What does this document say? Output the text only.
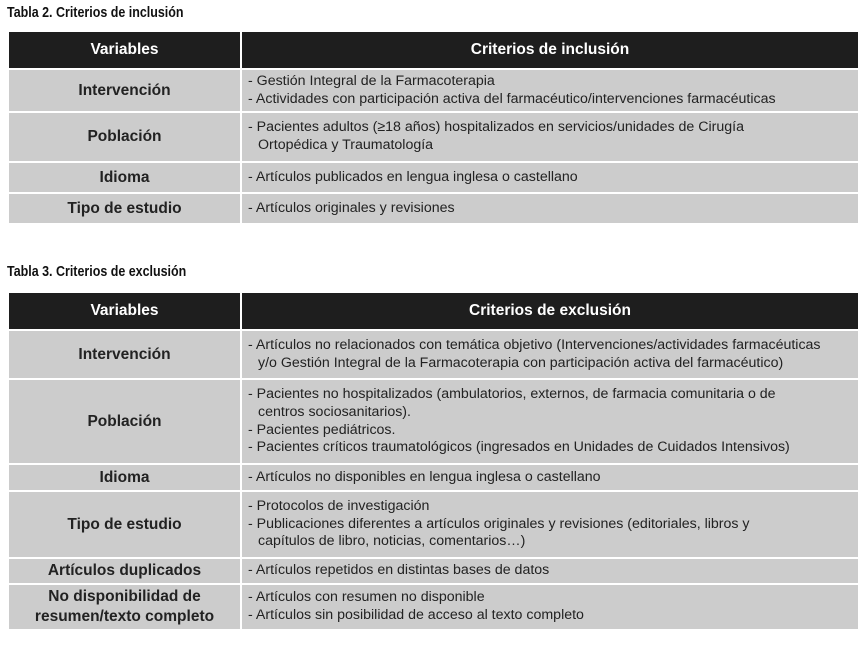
Tabla 2. Criterios de inclusión
Variables	Criterios de inclusión
Intervención	- Gestión Integral de la Farmacoterapia
- Actividades con participación activa del farmacéutico/intervenciones farmacéuticas

Población	- Pacientes adultos (≥18 años) hospitalizados en servicios/unidades de Cirugía
Ortopédica y Traumatología

Idioma	- Artículos publicados en lengua inglesa o castellano

Tipo de estudio	- Artículos originales y revisiones
Tabla 3. Criterios de exclusión
Variables	Criterios de exclusión
Intervención	- Artículos no relacionados con temática objetivo (Intervenciones/actividades farmacéuticas
y/o Gestión Integral de la Farmacoterapia con participación activa del farmacéutico)

Población	- Pacientes no hospitalizados (ambulatorios, externos, de farmacia comunitaria o de
centros sociosanitarios).
- Pacientes pediátricos.
- Pacientes críticos traumatológicos (ingresados en Unidades de Cuidados Intensivos)

Idioma	- Artículos no disponibles en lengua inglesa o castellano

Tipo de estudio	- Protocolos de investigación
- Publicaciones diferentes a artículos originales y revisiones (editoriales, libros y
capítulos de libro, noticias, comentarios…)

Artículos duplicados	- Artículos repetidos en distintas bases de datos

No disponibilidad de
resumen/texto completo	- Artículos con resumen no disponible
- Artículos sin posibilidad de acceso al texto completo
